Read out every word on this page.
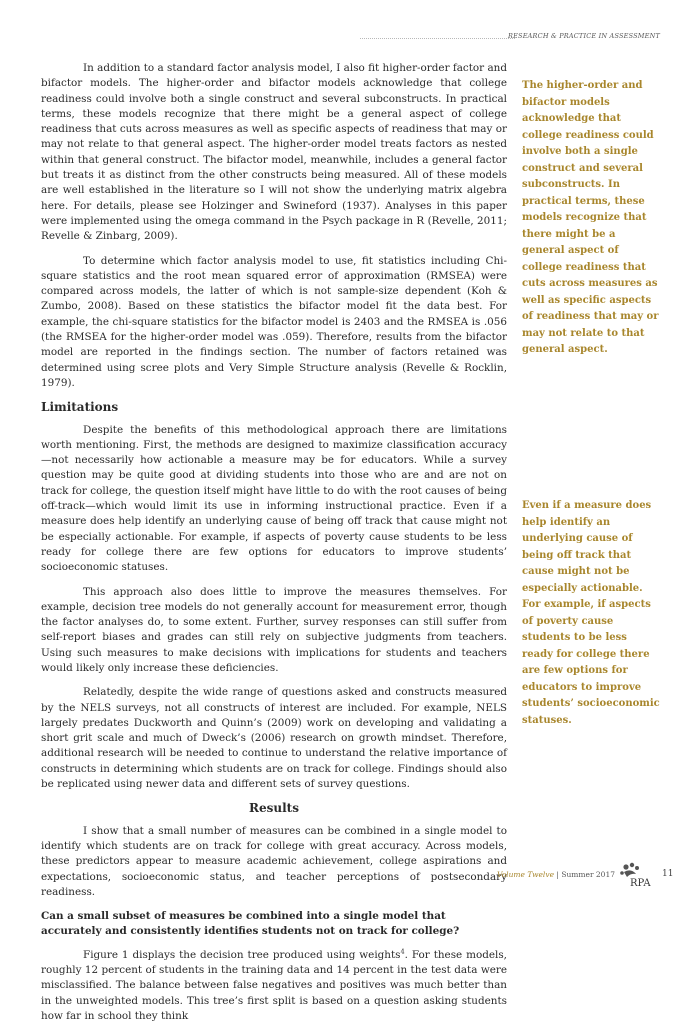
RESEARCH & PRACTICE IN ASSESSMENT

In addition to a standard factor analysis model, I also fit higher-order factor and bifactor models. The higher-order and bifactor models acknowledge that college readiness could involve both a single construct and several subconstructs. In practical terms, these models recognize that there might be a general aspect of college readiness that cuts across measures as well as specific aspects of readiness that may or may not relate to that general aspect. The higher-order model treats factors as nested within that general construct. The bifactor model, meanwhile, includes a general factor but treats it as distinct from the other constructs being measured. All of these models are well established in the literature so I will not show the underlying matrix algebra here. For details, please see Holzinger and Swineford (1937). Analyses in this paper were implemented using the omega command in the Psych package in R (Revelle, 2011; Revelle & Zinbarg, 2009).

To determine which factor analysis model to use, fit statistics including Chi-square statistics and the root mean squared error of approximation (RMSEA) were compared across models, the latter of which is not sample-size dependent (Koh & Zumbo, 2008). Based on these statistics the bifactor model fit the data best. For example, the chi-square statistics for the bifactor model is 2403 and the RMSEA is .056 (the RMSEA for the higher-order model was .059). Therefore, results from the bifactor model are reported in the findings section. The number of factors retained was determined using scree plots and Very Simple Structure analysis (Revelle & Rocklin, 1979).

Limitations

Despite the benefits of this methodological approach there are limitations worth mentioning. First, the methods are designed to maximize classification accuracy—not necessarily how actionable a measure may be for educators. While a survey question may be quite good at dividing students into those who are and are not on track for college, the question itself might have little to do with the root causes of being off-track—which would limit its use in informing instructional practice. Even if a measure does help identify an underlying cause of being off track that cause might not be especially actionable. For example, if aspects of poverty cause students to be less ready for college there are few options for educators to improve students’ socioeconomic statuses.

This approach also does little to improve the measures themselves. For example, decision tree models do not generally account for measurement error, though the factor analyses do, to some extent. Further, survey responses can still suffer from self-report biases and grades can still rely on subjective judgments from teachers. Using such measures to make decisions with implications for students and teachers would likely only increase these deficiencies.

Relatedly, despite the wide range of questions asked and constructs measured by the NELS surveys, not all constructs of interest are included. For example, NELS largely predates Duckworth and Quinn’s (2009) work on developing and validating a short grit scale and much of Dweck’s (2006) research on growth mindset. Therefore, additional research will be needed to continue to understand the relative importance of constructs in determining which students are on track for college. Findings should also be replicated using newer data and different sets of survey questions.

Results

I show that a small number of measures can be combined in a single model to identify which students are on track for college with great accuracy. Across models, these predictors appear to measure academic achievement, college aspirations and expectations, socioeconomic status, and teacher perceptions of postsecondary readiness.

Can a small subset of measures be combined into a single model that accurately and consistently identifies students not on track for college?

Figure 1 displays the decision tree produced using weights$^4$. For these models, roughly 12 percent of students in the training data and 14 percent in the test data were misclassified. The balance between false negatives and positives was much better than in the unweighted models. This tree’s first split is based on a question asking students how far in school they think

The higher-order and bifactor models acknowledge that college readiness could involve both a single construct and several subconstructs. In practical terms, these models recognize that there might be a general aspect of college readiness that cuts across measures as well as specific aspects of readiness that may or may not relate to that general aspect.
Even if a measure does help identify an underlying cause of being off track that cause might not be especially actionable. For example, if aspects of poverty cause students to be less ready for college there are few options for educators to improve students’ socioeconomic statuses.
Volume Twelve | Summer 2017
RPA
11
